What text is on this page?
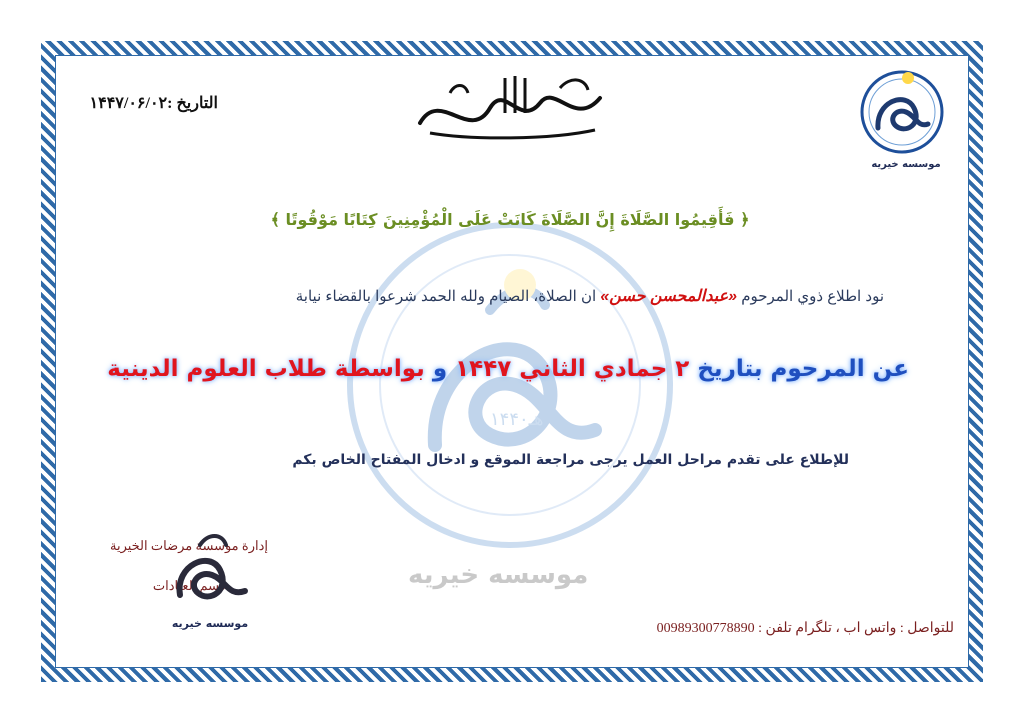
۱۴۴۰هـ
موسسه خيريه
التاريخ :۱۴۴۷/۰۶/۰۲
موسسه خيريه
﴿ فَأَقِيمُوا الصَّلَاةَ إِنَّ الصَّلَاةَ كَانَتْ عَلَى الْمُؤْمِنِينَ كِتَابًا مَوْقُوتًا ﴾
نود اطلاع ذوي المرحوم «عبدالمحسن حسن» ان الصلاة، الصيام ولله الحمد شرعوا بالقضاء نيابة
عن المرحوم بتاريخ ۲ جمادي الثاني ۱۴۴۷ و بواسطة طلاب العلوم الدينية
للإطلاع على تقدم مراحل العمل يرجى مراجعة الموقع و ادخال المفتاح الخاص بكم
إدارة موسسة مرضات الخيرية
قسم العبادات
موسسه خيريه	للتواصل : واتس اب ، تلگرام تلفن : 00989300778890
